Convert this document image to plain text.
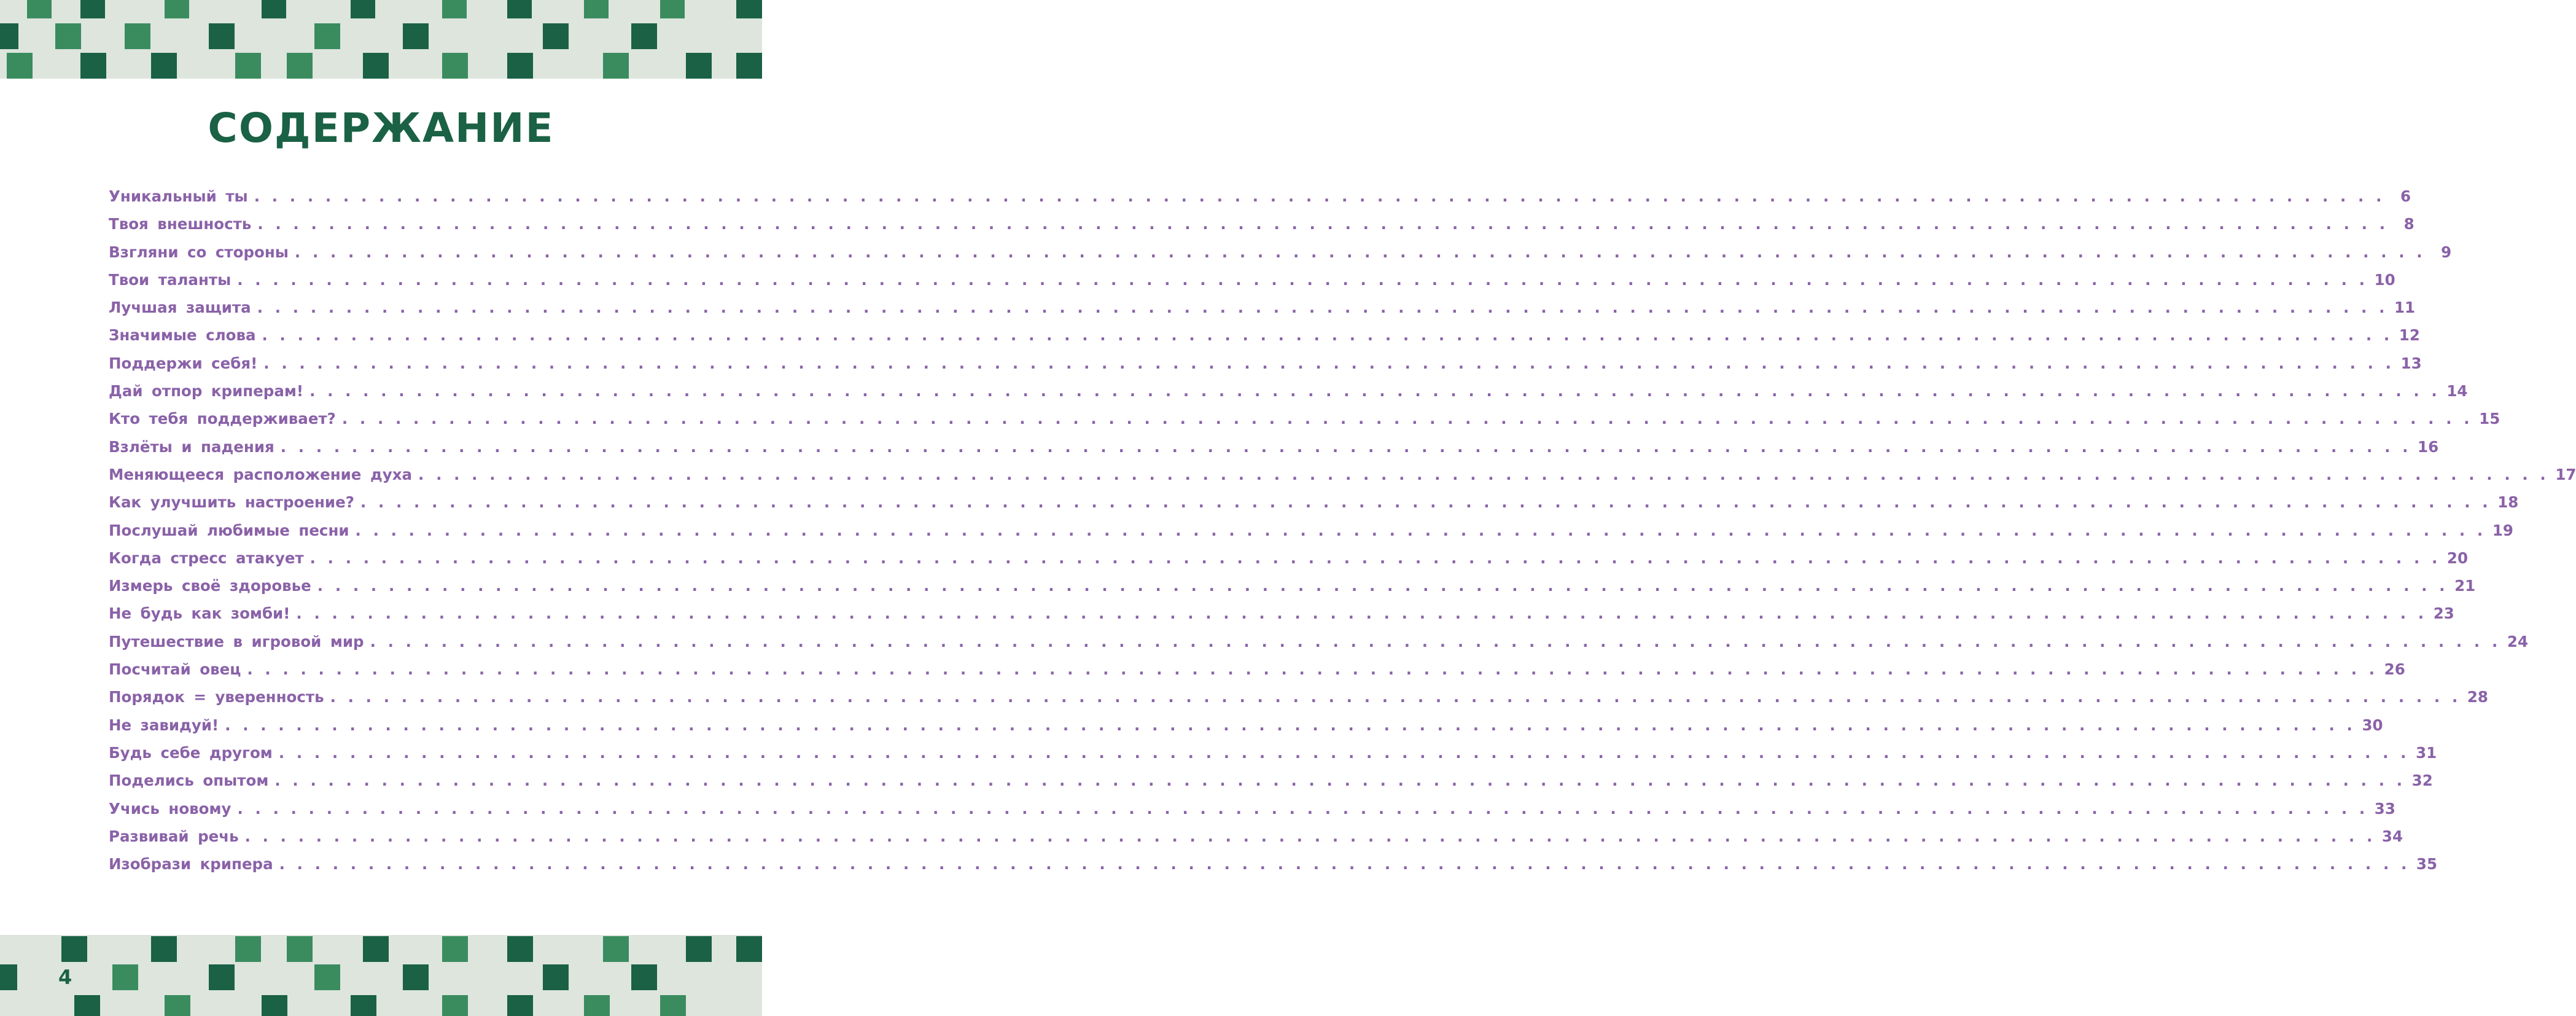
СОДЕРЖАНИЕ
Уникальный ты . . . . . . . . . . . . . . . . . . . . . . . . . . . . . . . . . . . . . . . . . . . . . . . . . . . . . . . . . . . . . . . . . . . . . . . . . . . . . . . . . . . . . . . . . . . . . . . . . . . . . . . . . . . . . . . . . . . . . . . .	6
Твоя внешность . . . . . . . . . . . . . . . . . . . . . . . . . . . . . . . . . . . . . . . . . . . . . . . . . . . . . . . . . . . . . . . . . . . . . . . . . . . . . . . . . . . . . . . . . . . . . . . . . . . . . . . . . . . . . . . . . . . . . . . .	8
Взгляни со стороны . . . . . . . . . . . . . . . . . . . . . . . . . . . . . . . . . . . . . . . . . . . . . . . . . . . . . . . . . . . . . . . . . . . . . . . . . . . . . . . . . . . . . . . . . . . . . . . . . . . . . . . . . . . . . . . . . . . . . . . .	9
Твои таланты . . . . . . . . . . . . . . . . . . . . . . . . . . . . . . . . . . . . . . . . . . . . . . . . . . . . . . . . . . . . . . . . . . . . . . . . . . . . . . . . . . . . . . . . . . . . . . . . . . . . . . . . . . . . . . . . . . . . . . . . 10
Лучшая защита . . . . . . . . . . . . . . . . . . . . . . . . . . . . . . . . . . . . . . . . . . . . . . . . . . . . . . . . . . . . . . . . . . . . . . . . . . . . . . . . . . . . . . . . . . . . . . . . . . . . . . . . . . . . . . . . . . . . . . . . 11
Значимые слова . . . . . . . . . . . . . . . . . . . . . . . . . . . . . . . . . . . . . . . . . . . . . . . . . . . . . . . . . . . . . . . . . . . . . . . . . . . . . . . . . . . . . . . . . . . . . . . . . . . . . . . . . . . . . . . . . . . . . . . . 12
Поддержи себя! . . . . . . . . . . . . . . . . . . . . . . . . . . . . . . . . . . . . . . . . . . . . . . . . . . . . . . . . . . . . . . . . . . . . . . . . . . . . . . . . . . . . . . . . . . . . . . . . . . . . . . . . . . . . . . . . . . . . . . . . 13
Дай отпор криперам! . . . . . . . . . . . . . . . . . . . . . . . . . . . . . . . . . . . . . . . . . . . . . . . . . . . . . . . . . . . . . . . . . . . . . . . . . . . . . . . . . . . . . . . . . . . . . . . . . . . . . . . . . . . . . . . . . . . . . . . . 14
Кто тебя поддерживает? . . . . . . . . . . . . . . . . . . . . . . . . . . . . . . . . . . . . . . . . . . . . . . . . . . . . . . . . . . . . . . . . . . . . . . . . . . . . . . . . . . . . . . . . . . . . . . . . . . . . . . . . . . . . . . . . . . . . . . . . 15
Взлёты и падения . . . . . . . . . . . . . . . . . . . . . . . . . . . . . . . . . . . . . . . . . . . . . . . . . . . . . . . . . . . . . . . . . . . . . . . . . . . . . . . . . . . . . . . . . . . . . . . . . . . . . . . . . . . . . . . . . . . . . . . . 16
Меняющееся расположение духа . . . . . . . . . . . . . . . . . . . . . . . . . . . . . . . . . . . . . . . . . . . . . . . . . . . . . . . . . . . . . . . . . . . . . . . . . . . . . . . . . . . . . . . . . . . . . . . . . . . . . . . . . . . . . . . . . . . . . . . . 17
Как улучшить настроение? . . . . . . . . . . . . . . . . . . . . . . . . . . . . . . . . . . . . . . . . . . . . . . . . . . . . . . . . . . . . . . . . . . . . . . . . . . . . . . . . . . . . . . . . . . . . . . . . . . . . . . . . . . . . . . . . . . . . . . . . 18
Послушай любимые песни . . . . . . . . . . . . . . . . . . . . . . . . . . . . . . . . . . . . . . . . . . . . . . . . . . . . . . . . . . . . . . . . . . . . . . . . . . . . . . . . . . . . . . . . . . . . . . . . . . . . . . . . . . . . . . . . . . . . . . . . 19
Когда стресс атакует . . . . . . . . . . . . . . . . . . . . . . . . . . . . . . . . . . . . . . . . . . . . . . . . . . . . . . . . . . . . . . . . . . . . . . . . . . . . . . . . . . . . . . . . . . . . . . . . . . . . . . . . . . . . . . . . . . . . . . . . 20
Измерь своё здоровье . . . . . . . . . . . . . . . . . . . . . . . . . . . . . . . . . . . . . . . . . . . . . . . . . . . . . . . . . . . . . . . . . . . . . . . . . . . . . . . . . . . . . . . . . . . . . . . . . . . . . . . . . . . . . . . . . . . . . . . . 21
Не будь как зомби! . . . . . . . . . . . . . . . . . . . . . . . . . . . . . . . . . . . . . . . . . . . . . . . . . . . . . . . . . . . . . . . . . . . . . . . . . . . . . . . . . . . . . . . . . . . . . . . . . . . . . . . . . . . . . . . . . . . . . . . . 23
Путешествие в игровой мир . . . . . . . . . . . . . . . . . . . . . . . . . . . . . . . . . . . . . . . . . . . . . . . . . . . . . . . . . . . . . . . . . . . . . . . . . . . . . . . . . . . . . . . . . . . . . . . . . . . . . . . . . . . . . . . . . . . . . . . . 24
Посчитай овец . . . . . . . . . . . . . . . . . . . . . . . . . . . . . . . . . . . . . . . . . . . . . . . . . . . . . . . . . . . . . . . . . . . . . . . . . . . . . . . . . . . . . . . . . . . . . . . . . . . . . . . . . . . . . . . . . . . . . . . . 26
Порядок = уверенность . . . . . . . . . . . . . . . . . . . . . . . . . . . . . . . . . . . . . . . . . . . . . . . . . . . . . . . . . . . . . . . . . . . . . . . . . . . . . . . . . . . . . . . . . . . . . . . . . . . . . . . . . . . . . . . . . . . . . . . . 28
Не завидуй! . . . . . . . . . . . . . . . . . . . . . . . . . . . . . . . . . . . . . . . . . . . . . . . . . . . . . . . . . . . . . . . . . . . . . . . . . . . . . . . . . . . . . . . . . . . . . . . . . . . . . . . . . . . . . . . . . . . . . . . . 30
Будь себе другом . . . . . . . . . . . . . . . . . . . . . . . . . . . . . . . . . . . . . . . . . . . . . . . . . . . . . . . . . . . . . . . . . . . . . . . . . . . . . . . . . . . . . . . . . . . . . . . . . . . . . . . . . . . . . . . . . . . . . . . . 31
Поделись опытом . . . . . . . . . . . . . . . . . . . . . . . . . . . . . . . . . . . . . . . . . . . . . . . . . . . . . . . . . . . . . . . . . . . . . . . . . . . . . . . . . . . . . . . . . . . . . . . . . . . . . . . . . . . . . . . . . . . . . . . . 32
Учись новому . . . . . . . . . . . . . . . . . . . . . . . . . . . . . . . . . . . . . . . . . . . . . . . . . . . . . . . . . . . . . . . . . . . . . . . . . . . . . . . . . . . . . . . . . . . . . . . . . . . . . . . . . . . . . . . . . . . . . . . . 33
Развивай речь . . . . . . . . . . . . . . . . . . . . . . . . . . . . . . . . . . . . . . . . . . . . . . . . . . . . . . . . . . . . . . . . . . . . . . . . . . . . . . . . . . . . . . . . . . . . . . . . . . . . . . . . . . . . . . . . . . . . . . . . 34
Изобрази крипера . . . . . . . . . . . . . . . . . . . . . . . . . . . . . . . . . . . . . . . . . . . . . . . . . . . . . . . . . . . . . . . . . . . . . . . . . . . . . . . . . . . . . . . . . . . . . . . . . . . . . . . . . . . . . . . . . . . . . . . . 35
4
